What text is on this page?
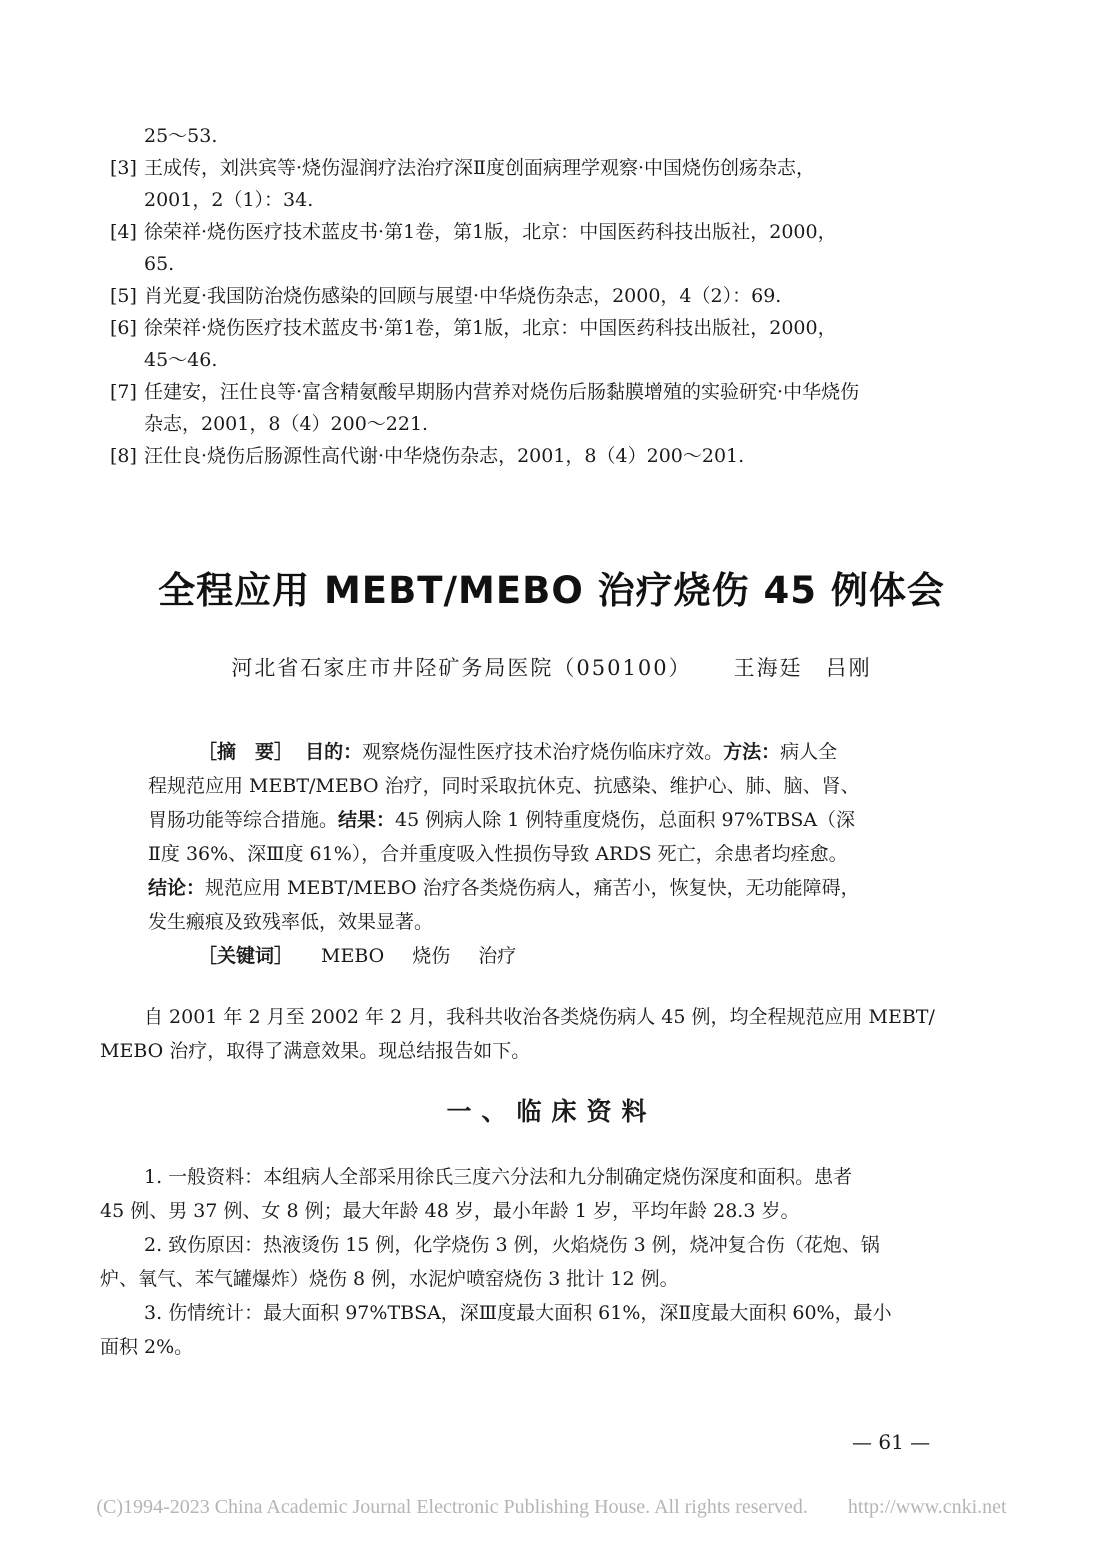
25～53.
[3] 王成传，刘洪宾等·烧伤湿润疗法治疗深Ⅱ度创面病理学观察·中国烧伤创疡杂志，
2001，2（1）：34.
[4] 徐荣祥·烧伤医疗技术蓝皮书·第1卷，第1版，北京：中国医药科技出版社，2000，
65.
[5] 肖光夏·我国防治烧伤感染的回顾与展望·中华烧伤杂志，2000，4（2）：69.
[6] 徐荣祥·烧伤医疗技术蓝皮书·第1卷，第1版，北京：中国医药科技出版社，2000，
45～46.
[7] 任建安，汪仕良等·富含精氨酸早期肠内营养对烧伤后肠黏膜增殖的实验研究·中华烧伤
杂志，2001，8（4）200～221.
[8] 汪仕良·烧伤后肠源性高代谢·中华烧伤杂志，2001，8（4）200～201.
全程应用 MEBT/MEBO 治疗烧伤 45 例体会
河北省石家庄市井陉矿务局医院（050100） 王海廷　吕刚
［摘　要］ 目的：观察烧伤湿性医疗技术治疗烧伤临床疗效。方法：病人全
程规范应用 MEBT/MEBO 治疗，同时采取抗休克、抗感染、维护心、肺、脑、肾、
胃肠功能等综合措施。结果：45 例病人除 1 例特重度烧伤，总面积 97%TBSA（深
Ⅱ度 36%、深Ⅲ度 61%），合并重度吸入性损伤导致 ARDS 死亡，余患者均痊愈。
结论：规范应用 MEBT/MEBO 治疗各类烧伤病人，痛苦小，恢复快，无功能障碍，
发生瘢痕及致残率低，效果显著。
［关键词］ MEBO 烧伤 治疗
自 2001 年 2 月至 2002 年 2 月，我科共收治各类烧伤病人 45 例，均全程规范应用 MEBT/
MEBO 治疗，取得了满意效果。现总结报告如下。
一、临床资料
1. 一般资料：本组病人全部采用徐氏三度六分法和九分制确定烧伤深度和面积。患者
45 例、男 37 例、女 8 例；最大年龄 48 岁，最小年龄 1 岁，平均年龄 28.3 岁。
2. 致伤原因：热液烫伤 15 例，化学烧伤 3 例，火焰烧伤 3 例，烧冲复合伤（花炮、锅
炉、氧气、苯气罐爆炸）烧伤 8 例，水泥炉喷窑烧伤 3 批计 12 例。
3. 伤情统计：最大面积 97%TBSA，深Ⅲ度最大面积 61%，深Ⅱ度最大面积 60%，最小
面积 2%。
— 61 —
(C)1994-2023 China Academic Journal Electronic Publishing House. All rights reserved.　　http://www.cnki.net
